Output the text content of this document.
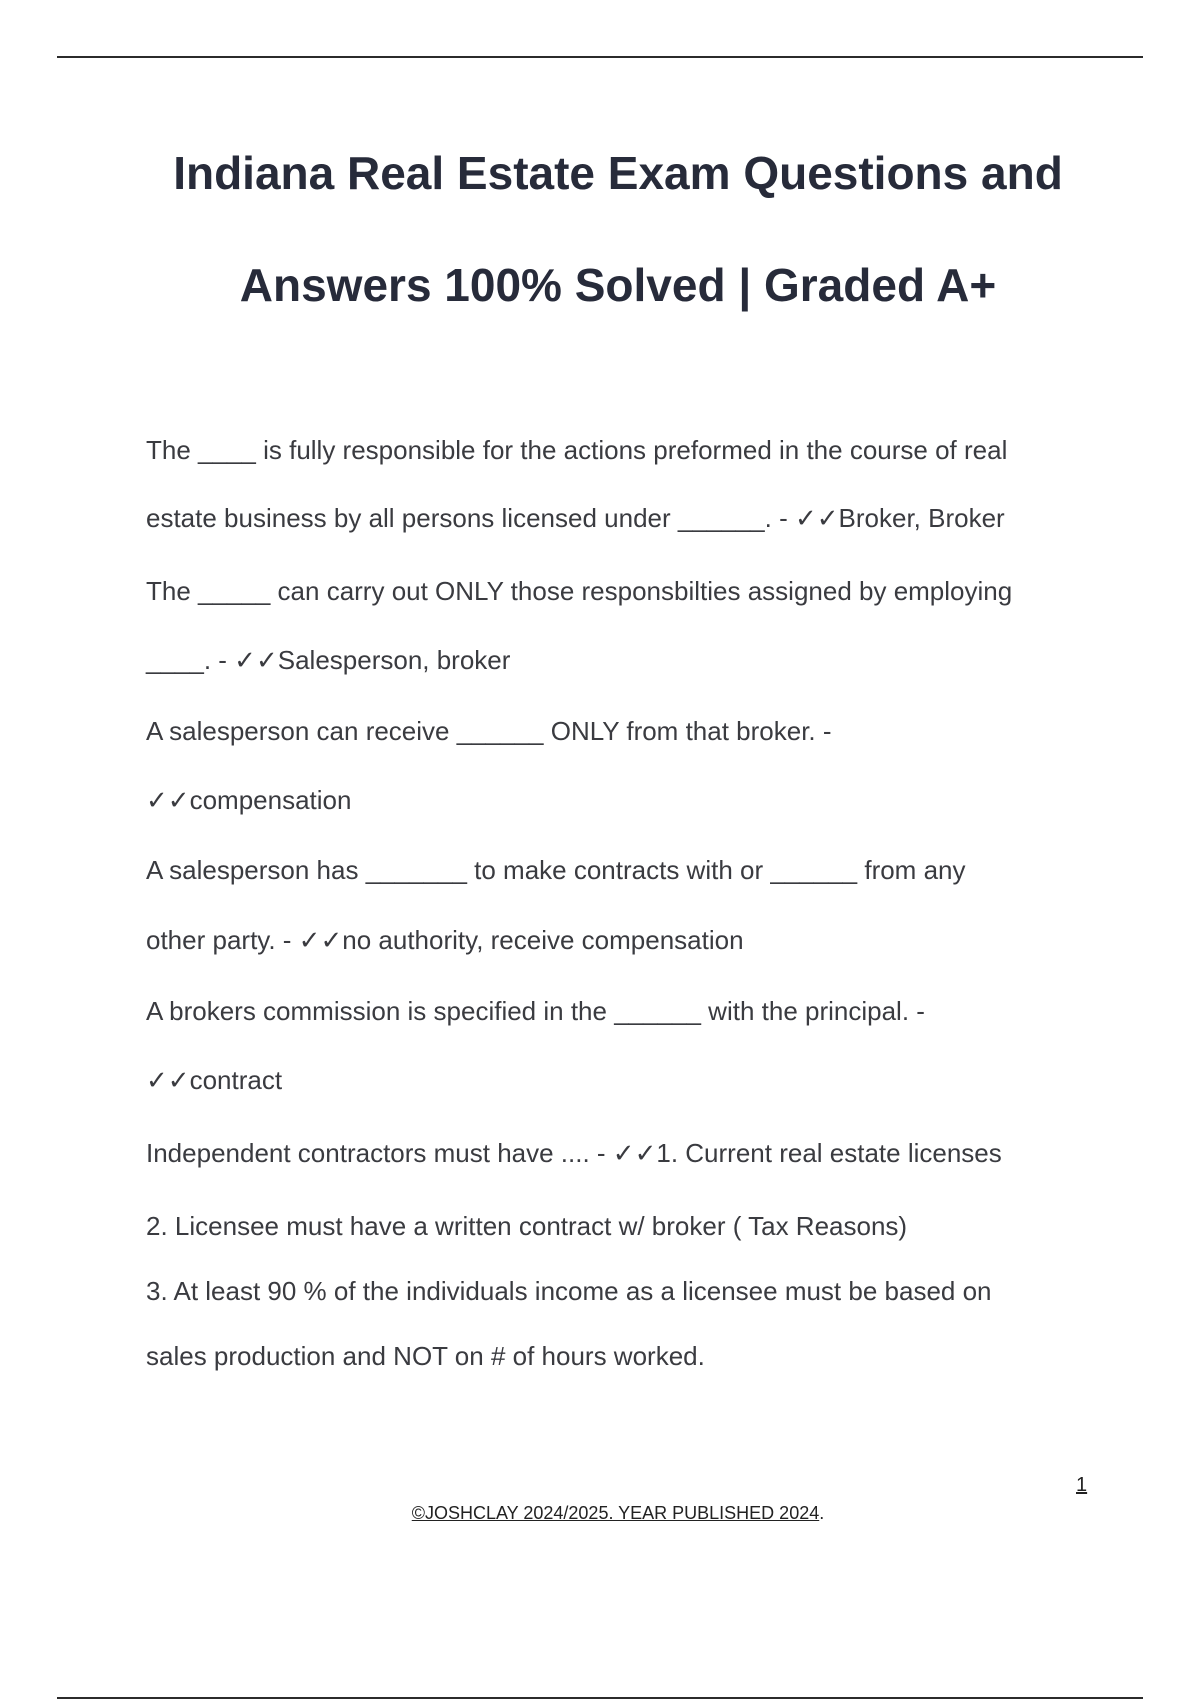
Indiana Real Estate Exam Questions and
Answers 100% Solved | Graded A+
The ____ is fully responsible for the actions preformed in the course of real
estate business by all persons licensed under ______. - ✓✓Broker, Broker
The _____ can carry out ONLY those responsbilties assigned by employing
____. - ✓✓Salesperson, broker
A salesperson can receive ______ ONLY from that broker. -
✓✓compensation
A salesperson has _______ to make contracts with or ______ from any
other party. - ✓✓no authority, receive compensation
A brokers commission is specified in the ______ with the principal. -
✓✓contract
Independent contractors must have .... - ✓✓1. Current real estate licenses
2. Licensee must have a written contract w/ broker ( Tax Reasons)
3. At least 90 % of the individuals income as a licensee must be based on
sales production and NOT on # of hours worked.
1
©JOSHCLAY 2024/2025. YEAR PUBLISHED 2024.
